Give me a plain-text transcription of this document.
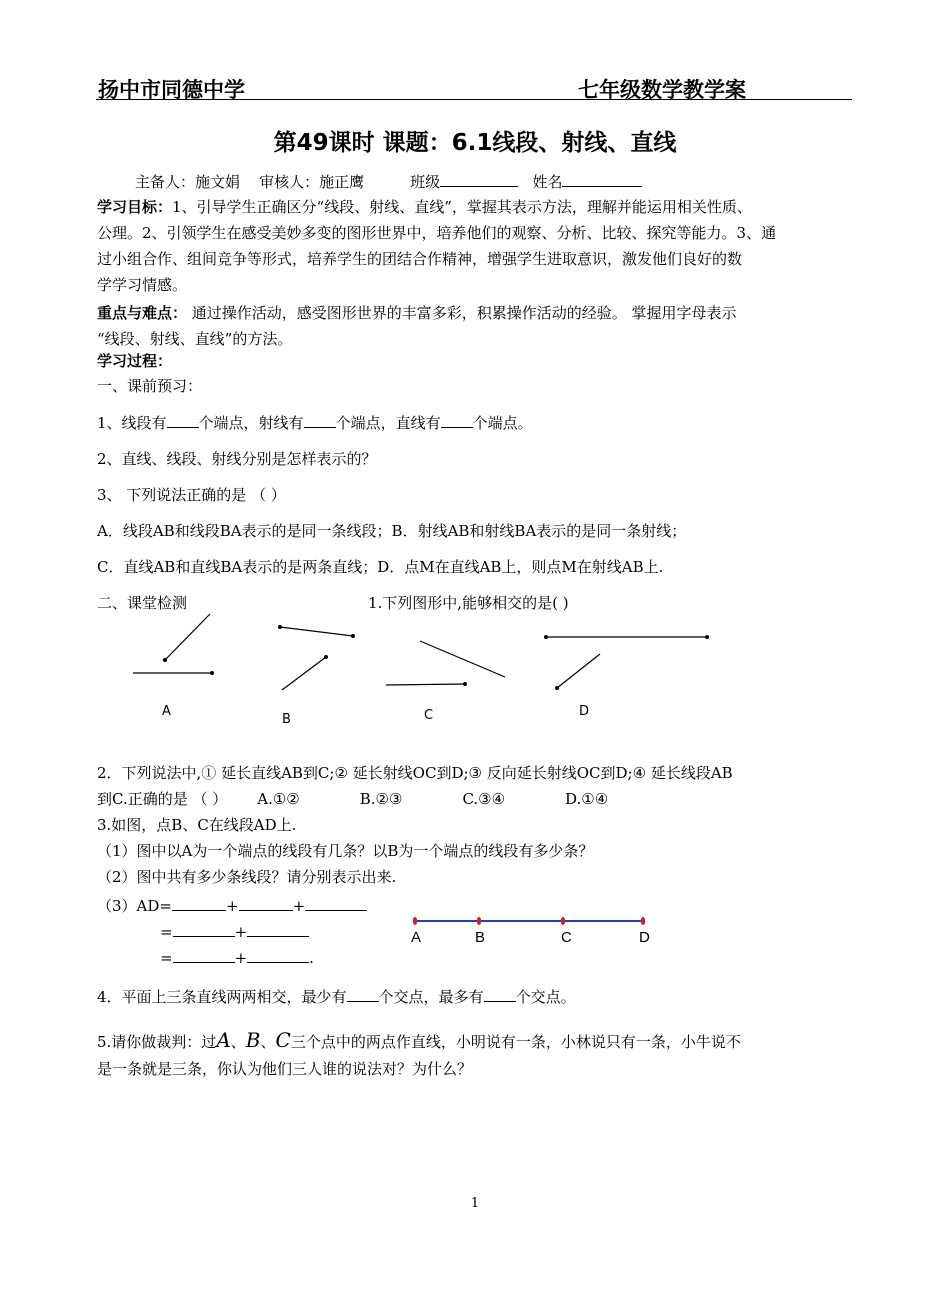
扬中市同德中学	七年级数学教学案
第49课时 课题：6.1线段、射线、直线
主备人：施文娟 审核人：施正鹰	班级	姓名
学习目标：1、引导学生正确区分“线段、射线、直线”，掌握其表示方法，理解并能运用相关性质、
公理。2、引领学生在感受美妙多变的图形世界中，培养他们的观察、分析、比较、探究等能力。3、通
过小组合作、组间竞争等形式，培养学生的团结合作精神，增强学生进取意识，激发他们良好的数
学学习情感。
重点与难点： 通过操作活动，感受图形世界的丰富多彩，积累操作活动的经验。 掌握用字母表示
“线段、射线、直线”的方法。
学习过程：
一、课前预习：
1、线段有 个端点，射线有 个端点，直线有 个端点。
2、直线、线段、射线分别是怎样表示的？
3、 下列说法正确的是 （ ）
A．线段AB和线段BA表示的是同一条线段；B．射线AB和射线BA表示的是同一条射线；
C．直线AB和直线BA表示的是两条直线；D．点M在直线AB上，则点M在射线AB上.
二、课堂检测	1.下列图形中,能够相交的是( )
A
B	C	D
2．下列说法中,① 延长直线AB到C;② 延长射线OC到D;③ 反向延长射线OC到D;④ 延长线段AB
到C.正确的是 （ ） A.①②	B.②③	C.③④	D.①④
3.如图，点B、C在线段AD上.
（1）图中以A为一个端点的线段有几条？以B为一个端点的线段有多少条？
（2）图中共有多少条线段？请分别表示出来.
（3）AD=	+	+
=	+
=	+	.
A	B	C	D
4．平面上三条直线两两相交，最少有 个交点，最多有 个交点。
5.请你做裁判：过A、B、C三个点中的两点作直线，小明说有一条，小林说只有一条，小牛说不
是一条就是三条，你认为他们三人谁的说法对？为什么？
1
